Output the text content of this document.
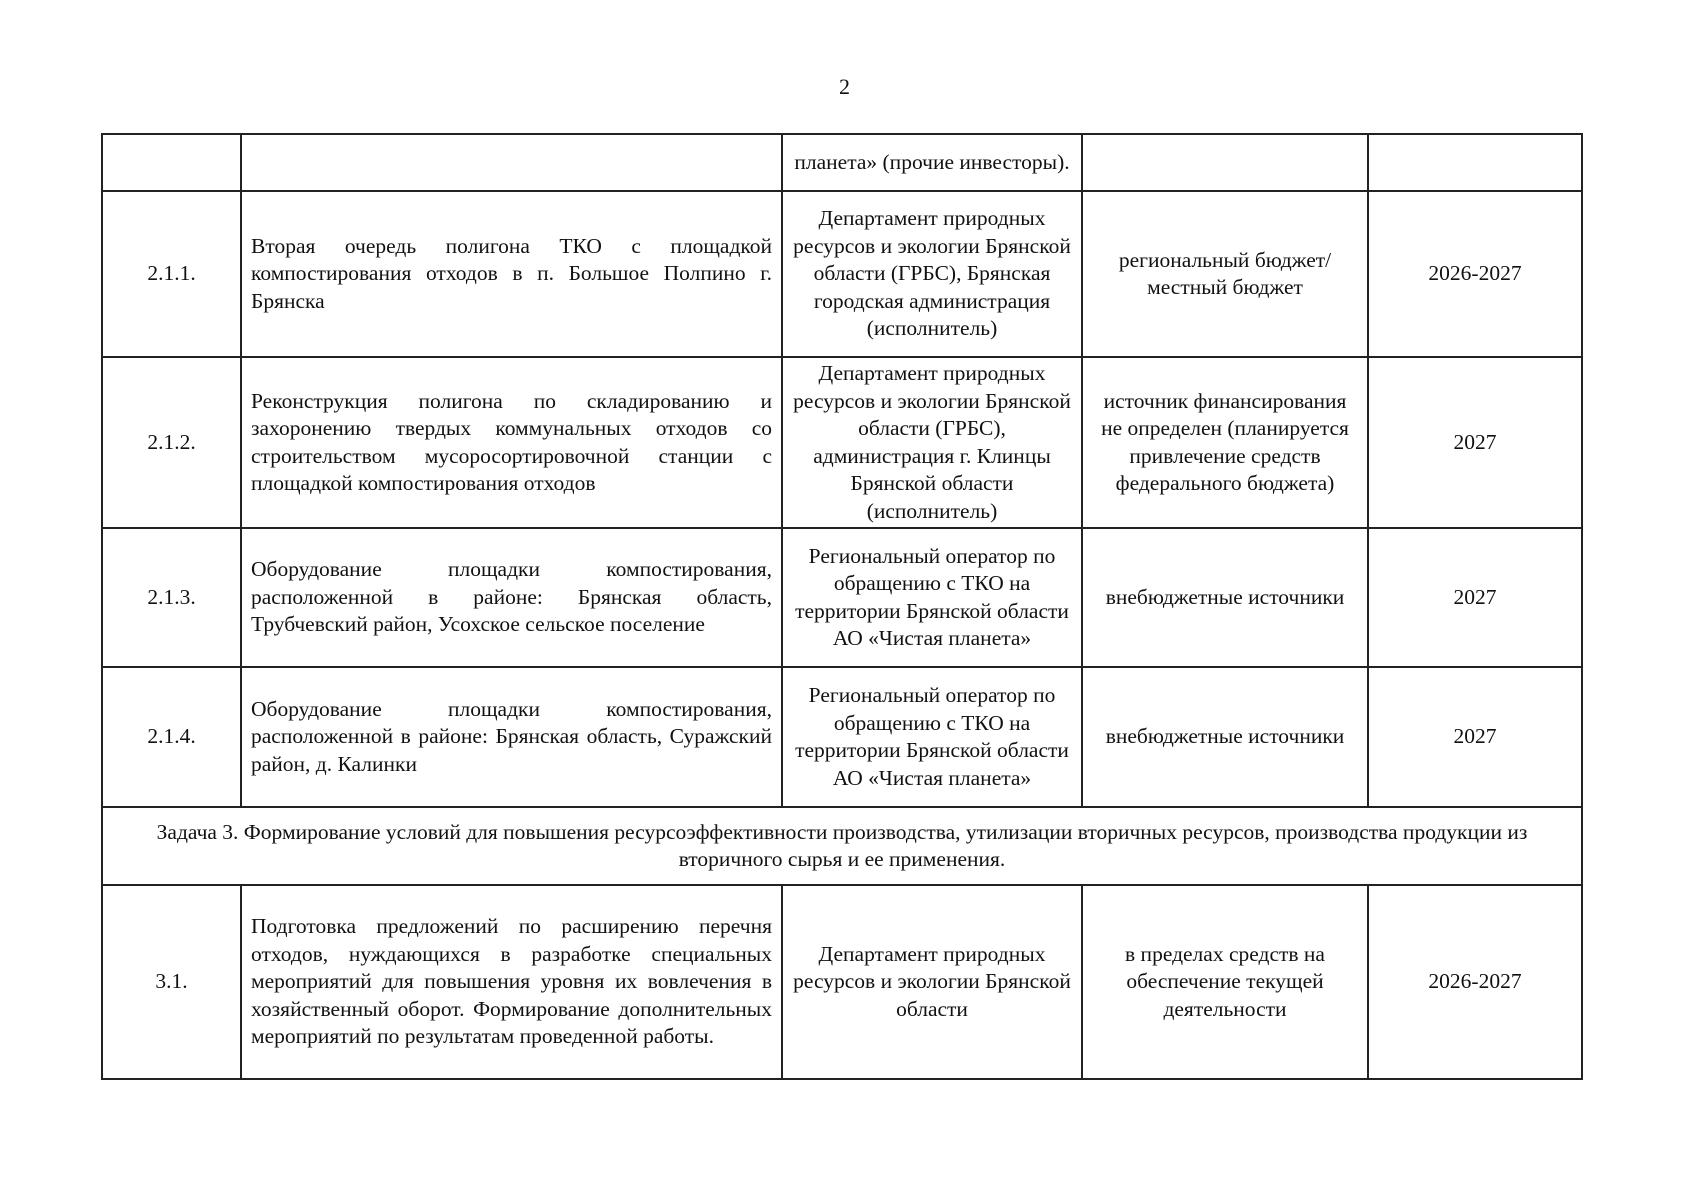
2
		планета» (прочие инвесторы).		
2.1.1.	Вторая очередь полигона ТКО с площадкой компостирования отходов в п. Большое Полпино г. Брянска	Департамент природных ресурсов и экологии Брянской области (ГРБС), Брянская городская администрация (исполнитель)	региональный бюджет/местный бюджет	2026-2027
2.1.2.	Реконструкция полигона по складированию и захоронению твердых коммунальных отходов со строительством мусоросортировочной станции с площадкой компостирования отходов	Департамент природных ресурсов и экологии Брянской области (ГРБС), администрация г. Клинцы Брянской области (исполнитель)	источник финансирования не определен (планируется привлечение средств федерального бюджета)	2027
2.1.3.	Оборудование площадки компостирования, расположенной в районе: Брянская область, Трубчевский район, Усохское сельское поселение	Региональный оператор по обращению с ТКО на территории Брянской области АО «Чистая планета»	внебюджетные источники	2027
2.1.4.	Оборудование площадки компостирования, расположенной в районе: Брянская область, Суражский район, д. Калинки	Региональный оператор по обращению с ТКО на территории Брянской области АО «Чистая планета»	внебюджетные источники	2027
Задача 3. Формирование условий для повышения ресурсоэффективности производства, утилизации вторичных ресурсов, производства продукции из вторичного сырья и ее применения.				
3.1.	Подготовка предложений по расширению перечня отходов, нуждающихся в разработке специальных мероприятий для повышения уровня их вовлечения в хозяйственный оборот. Формирование дополнительных мероприятий по результатам проведенной работы.	Департамент природных ресурсов и экологии Брянской области	в пределах средств на обеспечение текущей деятельности	2026-2027
